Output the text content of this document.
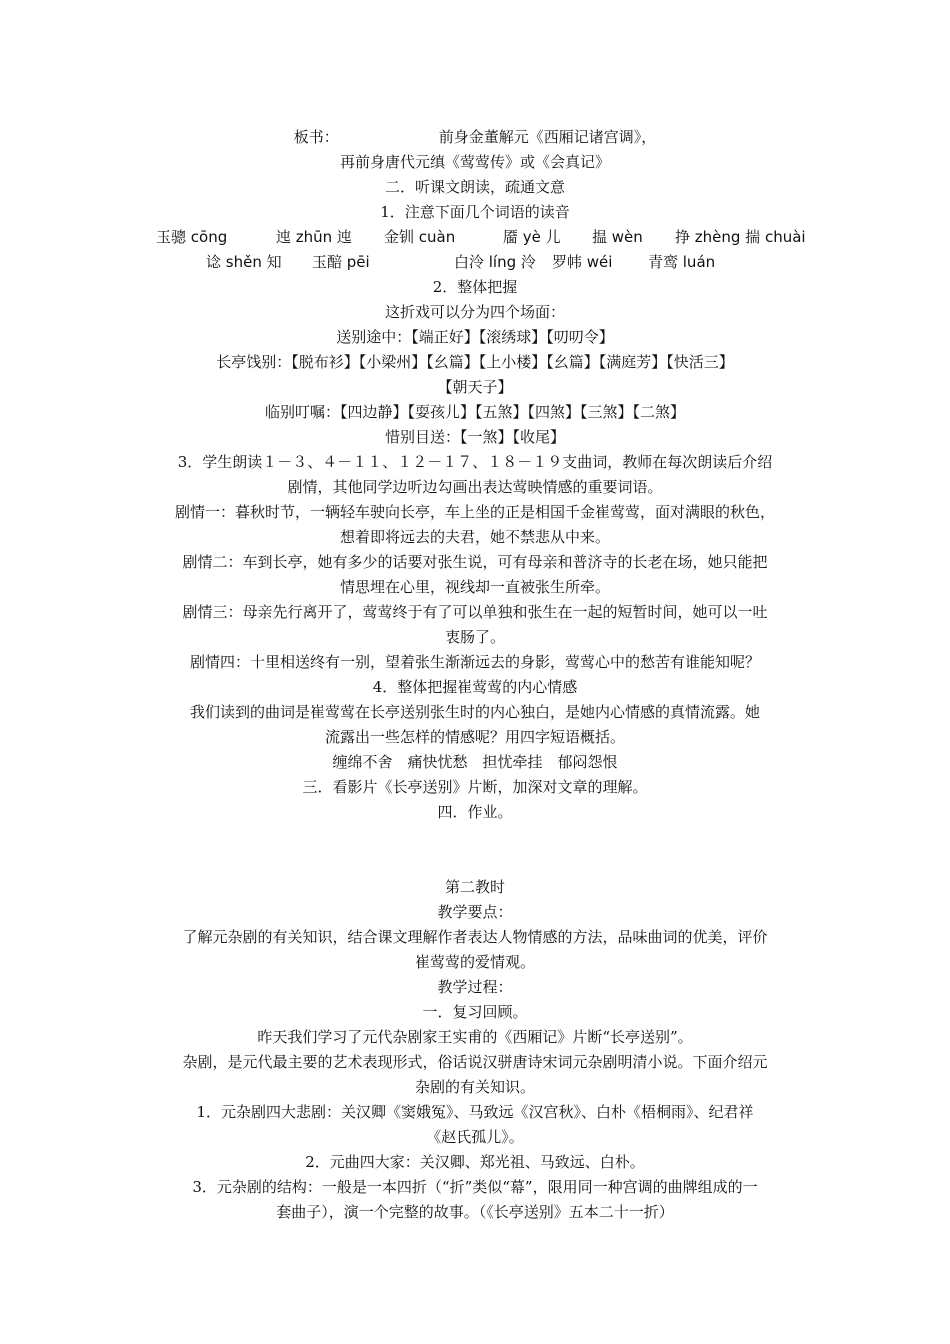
板书：	前身金董解元《西厢记诸宫调》，
再前身唐代元缜《莺莺传》或《会真记》
二．听课文朗读，疏通文意
1．注意下面几个词语的读音
玉骢 cōng	迍 zhūn 迍 金钏 cuàn	靥 yè 儿 揾 wèn 挣 zhèng 揣 chuài
谂 shěn 知 玉醅 pēi	白泠 líng 泠 罗帏 wéi 青鸾 luán
2．整体把握
这折戏可以分为四个场面：
送别途中：【端正好】【滚绣球】【叨叨令】
长亭饯别：【脱布衫】【小梁州】【幺篇】【上小楼】【幺篇】【满庭芳】【快活三】
【朝天子】
临别叮嘱：【四边静】【耍孩儿】【五煞】【四煞】【三煞】【二煞】
惜别目送：【一煞】【收尾】
3．学生朗读１－３、４－１１、１２－１７、１８－１９支曲词，教师在每次朗读后介绍
剧情，其他同学边听边勾画出表达莺映情感的重要词语。
剧情一：暮秋时节，一辆轻车驶向长亭，车上坐的正是相国千金崔莺莺，面对满眼的秋色，
想着即将远去的夫君，她不禁悲从中来。
剧情二：车到长亭，她有多少的话要对张生说，可有母亲和普济寺的长老在场，她只能把
情思埋在心里，视线却一直被张生所牵。
剧情三：母亲先行离开了，莺莺终于有了可以单独和张生在一起的短暂时间，她可以一吐
衷肠了。
剧情四：十里相送终有一别，望着张生渐渐远去的身影，莺莺心中的愁苦有谁能知呢？
4．整体把握崔莺莺的内心情感
我们读到的曲词是崔莺莺在长亭送别张生时的内心独白，是她内心情感的真情流露。她
流露出一些怎样的情感呢？用四字短语概括。
缠绵不舍　痛快忧愁　担忧牵挂　郁闷怨恨
三．看影片《长亭送别》片断，加深对文章的理解。
四．作业。
第二教时
教学要点：
了解元杂剧的有关知识，结合课文理解作者表达人物情感的方法，品味曲词的优美，评价
崔莺莺的爱情观。
教学过程：
一．复习回顾。
昨天我们学习了元代杂剧家王实甫的《西厢记》片断“长亭送别”。
杂剧，是元代最主要的艺术表现形式，俗话说汉骈唐诗宋词元杂剧明清小说。下面介绍元
杂剧的有关知识。
1．元杂剧四大悲剧：关汉卿《窦娥冤》、马致远《汉宫秋》、白朴《梧桐雨》、纪君祥
《赵氏孤儿》。
2．元曲四大家：关汉卿、郑光祖、马致远、白朴。
3．元杂剧的结构：一般是一本四折（“折”类似“幕”，限用同一种宫调的曲牌组成的一
套曲子），演一个完整的故事。（《长亭送别》五本二十一折）
